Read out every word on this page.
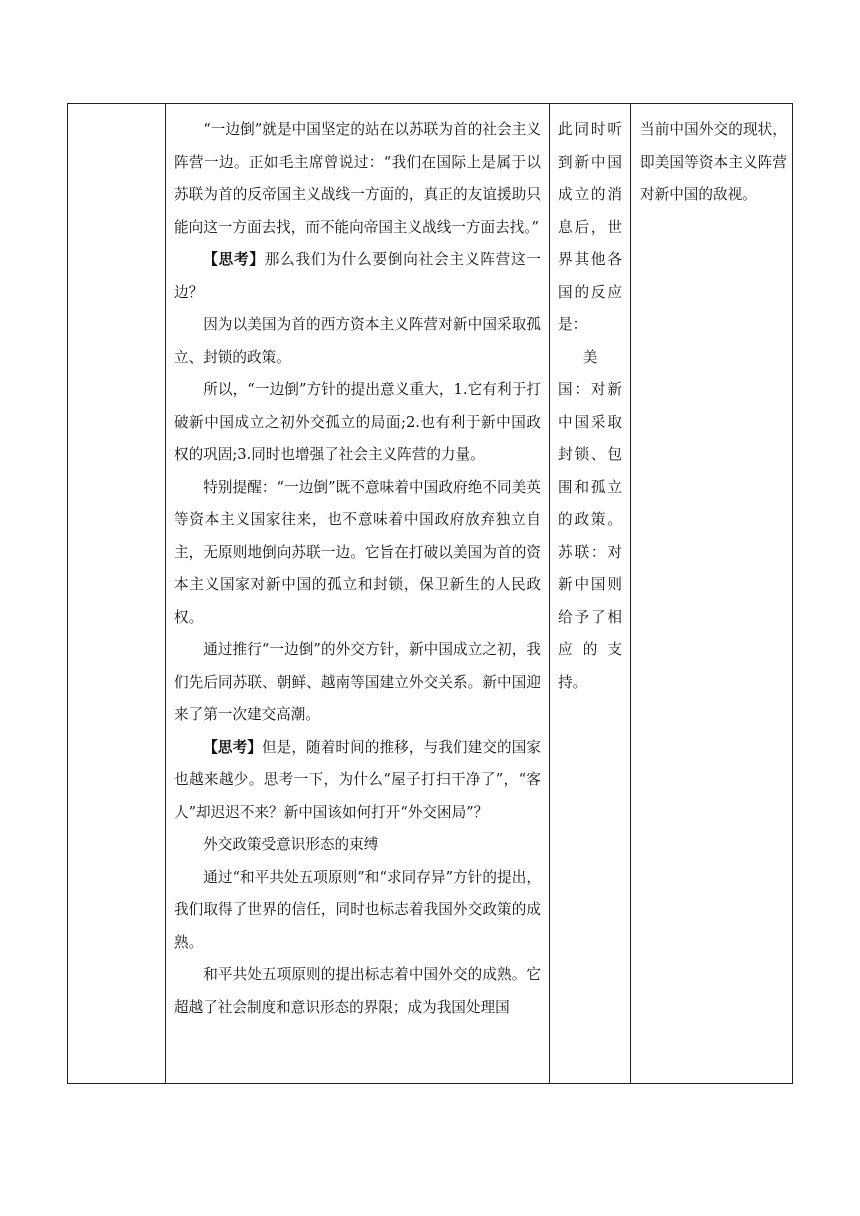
“一边倒”就是中国坚定的站在以苏联为首的社会主义阵营一边。正如毛主席曾说过：“我们在国际上是属于以苏联为首的反帝国主义战线一方面的，真正的友谊援助只能向这一方面去找，而不能向帝国主义战线一方面去找。”

【思考】那么我们为什么要倒向社会主义阵营这一边？

因为以美国为首的西方资本主义阵营对新中国采取孤立、封锁的政策。

所以，“一边倒”方针的提出意义重大，1.它有利于打破新中国成立之初外交孤立的局面;2.也有利于新中国政权的巩固;3.同时也增强了社会主义阵营的力量。

特别提醒：“一边倒”既不意味着中国政府绝不同美英等资本主义国家往来，也不意味着中国政府放弃独立自主，无原则地倒向苏联一边。它旨在打破以美国为首的资本主义国家对新中国的孤立和封锁，保卫新生的人民政权。

通过推行“一边倒”的外交方针，新中国成立之初，我们先后同苏联、朝鲜、越南等国建立外交关系。新中国迎来了第一次建交高潮。

【思考】但是，随着时间的推移，与我们建交的国家也越来越少。思考一下，为什么“屋子打扫干净了”，“客人”却迟迟不来？新中国该如何打开“外交困局”？

外交政策受意识形态的束缚

通过“和平共处五项原则”和“求同存异”方针的提出，我们取得了世界的信任，同时也标志着我国外交政策的成熟。

和平共处五项原则的提出标志着中国外交的成熟。它超越了社会制度和意识形态的界限；成为我国处理国

此同时听

到新中国

成立的消

息后，世

界其他各

国的反应

是：

美

国：对新

中国采取

封锁、包

围和孤立

的政策。

苏联：对

新中国则

给予了相

应的支

持。

当前中国外交的现状，即美国等资本主义阵营对新中国的敌视。
